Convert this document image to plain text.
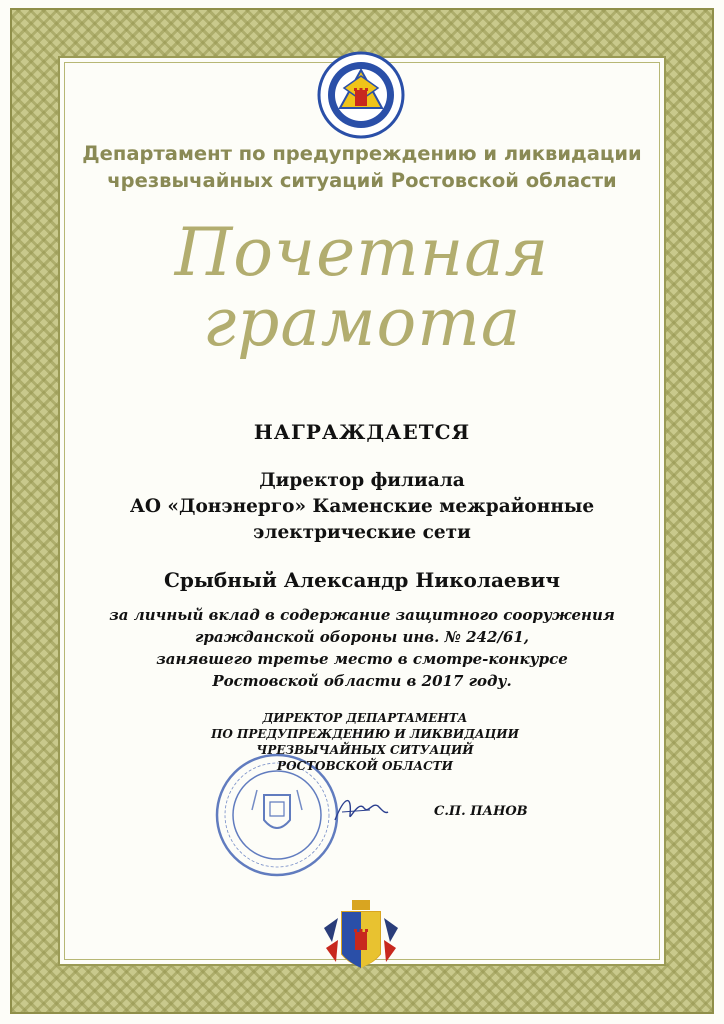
Департамент по предупреждению и ликвидации
чрезвычайных ситуаций Ростовской области
Почетная
грамота
НАГРАЖДАЕТСЯ
Директор филиала
АО «Донэнерго» Каменские межрайонные
электрические сети
Срыбный Александр Николаевич
за личный вклад в содержание защитного сооружения
гражданской обороны инв. № 242/61,
занявшего третье место в смотре-конкурсе
Ростовской области в 2017 году.
ДИРЕКТОР ДЕПАРТАМЕНТА
ПО ПРЕДУПРЕЖДЕНИЮ И ЛИКВИДАЦИИ
ЧРЕЗВЫЧАЙНЫХ СИТУАЦИЙ
РОСТОВСКОЙ ОБЛАСТИ
С.П. ПАНОВ
